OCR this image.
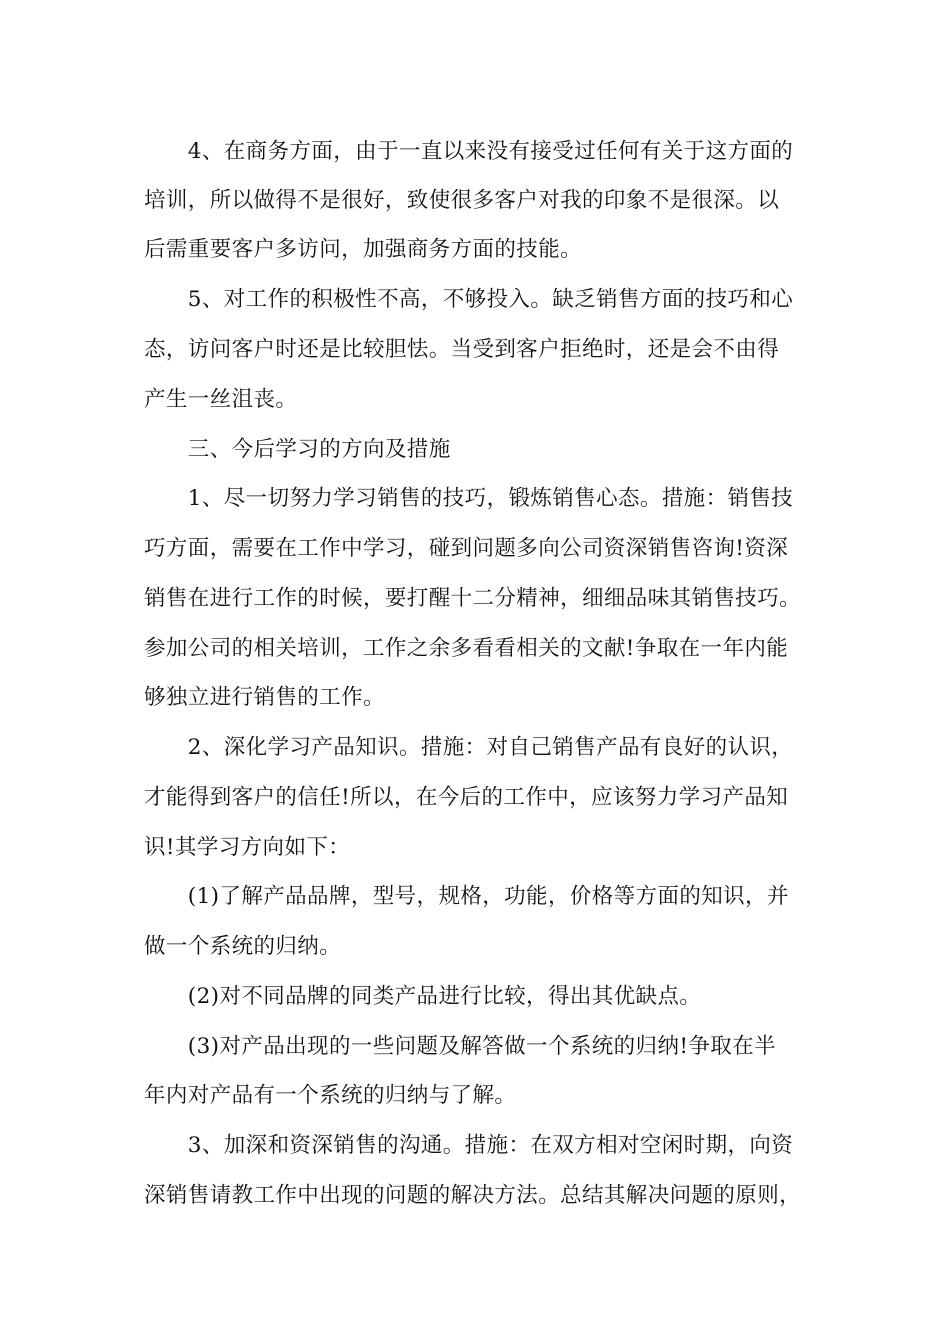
　　4、在商务方面，由于一直以来没有接受过任何有关于这方面的
培训，所以做得不是很好，致使很多客户对我的印象不是很深。以
后需重要客户多访问，加强商务方面的技能。
　　5、对工作的积极性不高，不够投入。缺乏销售方面的技巧和心
态，访问客户时还是比较胆怯。当受到客户拒绝时，还是会不由得
产生一丝沮丧。
　　三、今后学习的方向及措施
　　1、尽一切努力学习销售的技巧，锻炼销售心态。措施：销售技
巧方面，需要在工作中学习，碰到问题多向公司资深销售咨询!资深
销售在进行工作的时候，要打醒十二分精神，细细品味其销售技巧。
参加公司的相关培训，工作之余多看看相关的文献!争取在一年内能
够独立进行销售的工作。
　　2、深化学习产品知识。措施：对自己销售产品有良好的认识，
才能得到客户的信任!所以，在今后的工作中，应该努力学习产品知
识!其学习方向如下：
　　(1)了解产品品牌，型号，规格，功能，价格等方面的知识，并
做一个系统的归纳。
　　(2)对不同品牌的同类产品进行比较，得出其优缺点。
　　(3)对产品出现的一些问题及解答做一个系统的归纳!争取在半
年内对产品有一个系统的归纳与了解。
　　3、加深和资深销售的沟通。措施：在双方相对空闲时期，向资
深销售请教工作中出现的问题的解决方法。总结其解决问题的原则，
